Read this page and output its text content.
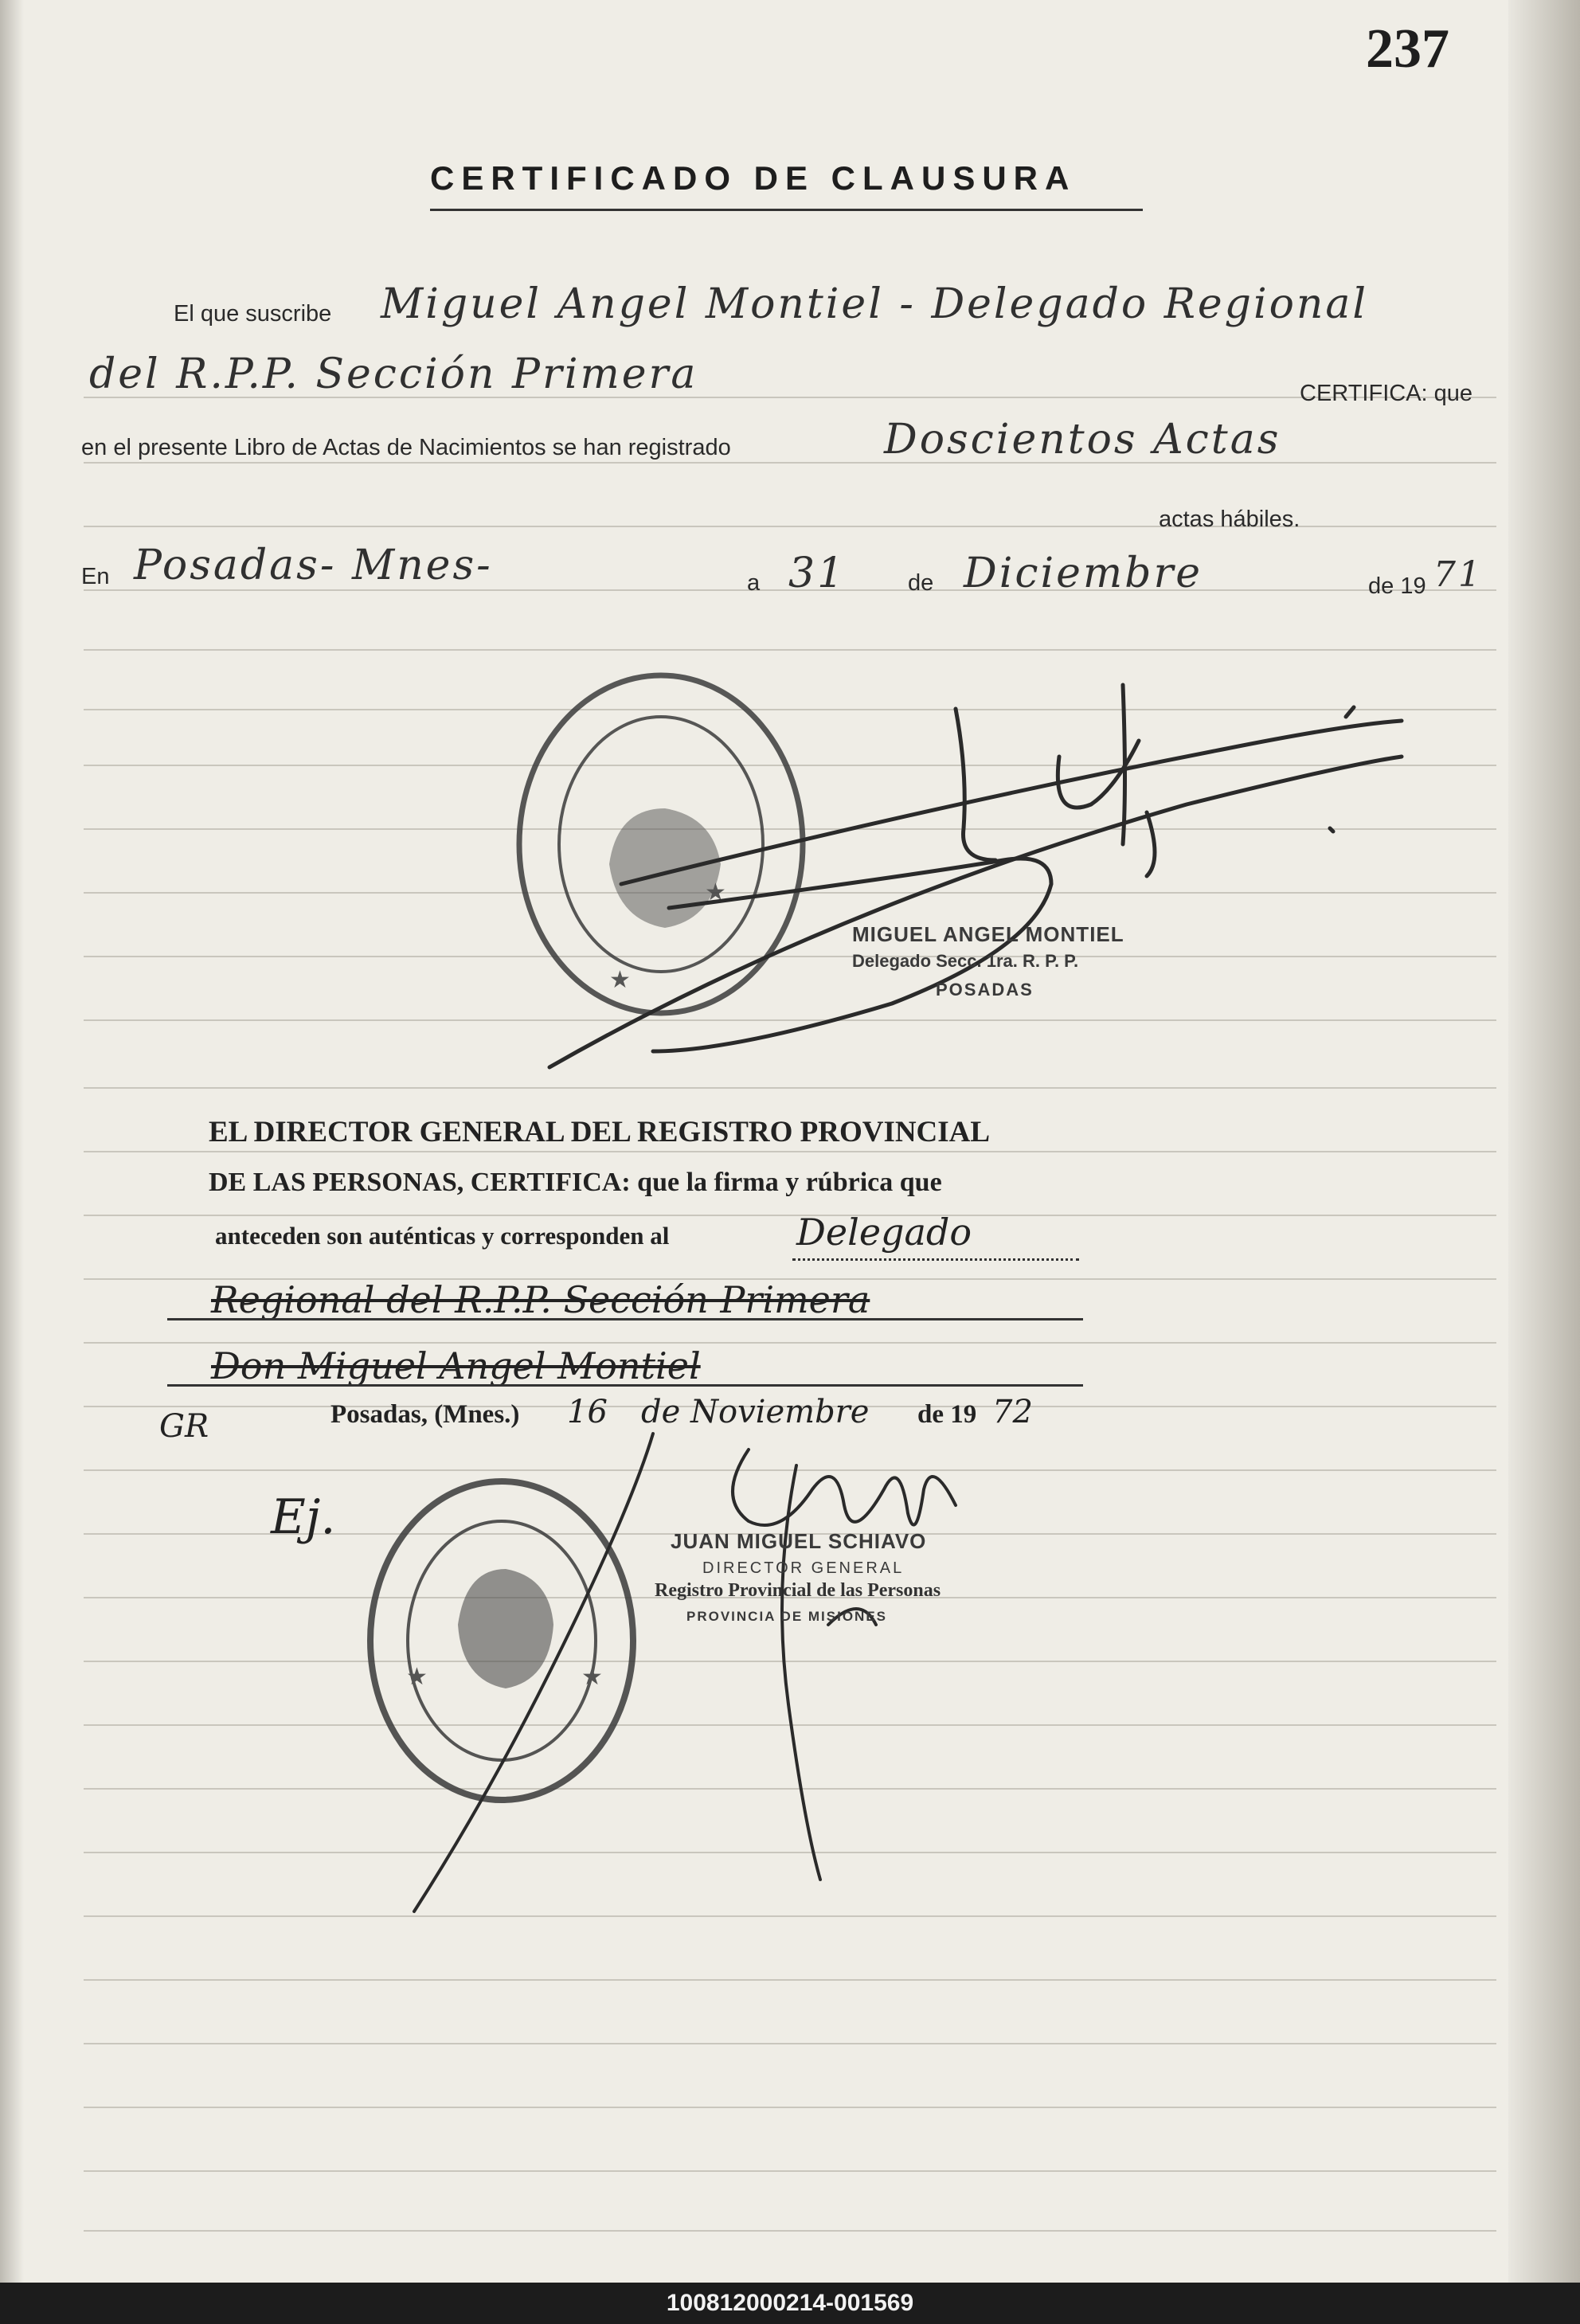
237
CERTIFICADO DE CLAUSURA
El que suscribe Miguel Angel Montiel - Delegado Regional
del R.P.P. Sección Primera	CERTIFICA: que
en el presente Libro de Actas de Nacimientos se han registrado	Doscientos Actas
actas hábiles.
En Posadas- Mnes-	a 31	de Diciembre	de 19 71
★
★
MIGUEL ANGEL MONTIEL
Delegado Secc. 1ra. R. P. P.
POSADAS
EL DIRECTOR GENERAL DEL REGISTRO PROVINCIAL
DE LAS PERSONAS, CERTIFICA: que la firma y rúbrica que
anteceden son auténticas y corresponden al	Delegado
Regional del R.P.P. Sección Primera
Don Miguel Angel Montiel
GR	Posadas, (Mnes.) 16 de Noviembre de 19 72
Ej.
★	★
JUAN MIGUEL SCHIAVO
DIRECTOR GENERAL
Registro Provincial de las Personas
PROVINCIA DE MISIONES
100812000214-001569
